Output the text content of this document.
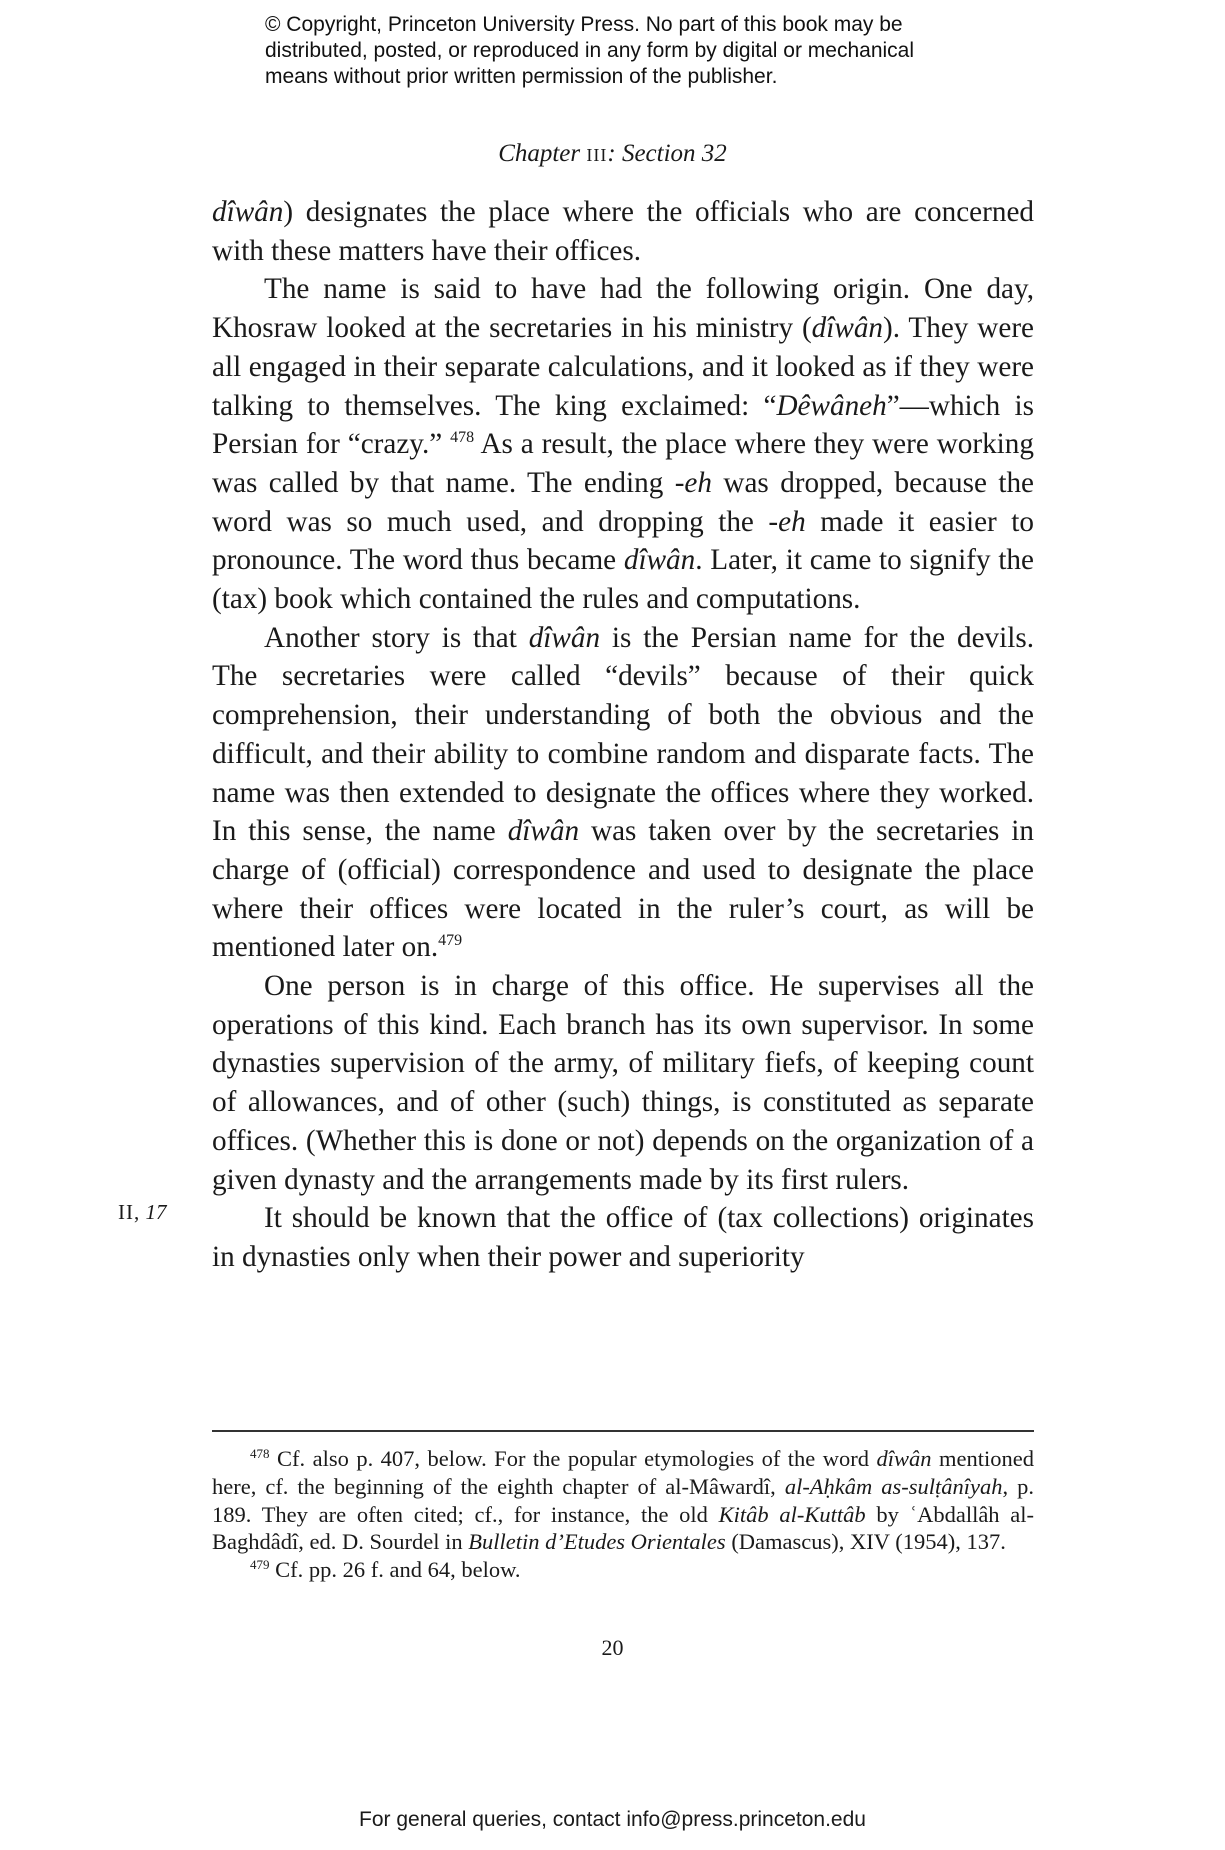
© Copyright, Princeton University Press. No part of this book may be
distributed, posted, or reproduced in any form by digital or mechanical
means without prior written permission of the publisher.
Chapter III: Section 32

dîwân) designates the place where the officials who are concerned with these matters have their offices.

The name is said to have had the following origin. One day, Khosraw looked at the secretaries in his ministry (dîwân). They were all engaged in their separate calculations, and it looked as if they were talking to themselves. The king exclaimed: “Dêwâneh”—which is Persian for “crazy.” $^{478}$ As a result, the place where they were working was called by that name. The ending -eh was dropped, because the word was so much used, and dropping the -eh made it easier to pronounce. The word thus became dîwân. Later, it came to signify the (tax) book which contained the rules and computations.

Another story is that dîwân is the Persian name for the devils. The secretaries were called “devils” because of their quick comprehension, their understanding of both the obvious and the difficult, and their ability to combine random and disparate facts. The name was then extended to designate the offices where they worked. In this sense, the name dîwân was taken over by the secretaries in charge of (official) correspondence and used to designate the place where their offices were located in the ruler’s court, as will be mentioned later on.$^{479}$

One person is in charge of this office. He supervises all the operations of this kind. Each branch has its own supervisor. In some dynasties supervision of the army, of military fiefs, of keeping count of allowances, and of other (such) things, is constituted as separate offices. (Whether this is done or not) depends on the organization of a given dynasty and the arrangements made by its first rulers.

It should be known that the office of (tax collections) originates in dynasties only when their power and superiority

II, 17

$^{478}$ Cf. also p. 407, below. For the popular etymologies of the word dîwân mentioned here, cf. the beginning of the eighth chapter of al-Mâwardî, al-Aḥkâm as-sulṭânîyah, p. 189. They are often cited; cf., for instance, the old Kitâb al-Kuttâb by ʿAbdallâh al-Baghdâdî, ed. D. Sourdel in Bulletin d’Etudes Orientales (Damascus), XIV (1954), 137.

$^{479}$ Cf. pp. 26 f. and 64, below.

20
For general queries, contact info@press.princeton.edu
